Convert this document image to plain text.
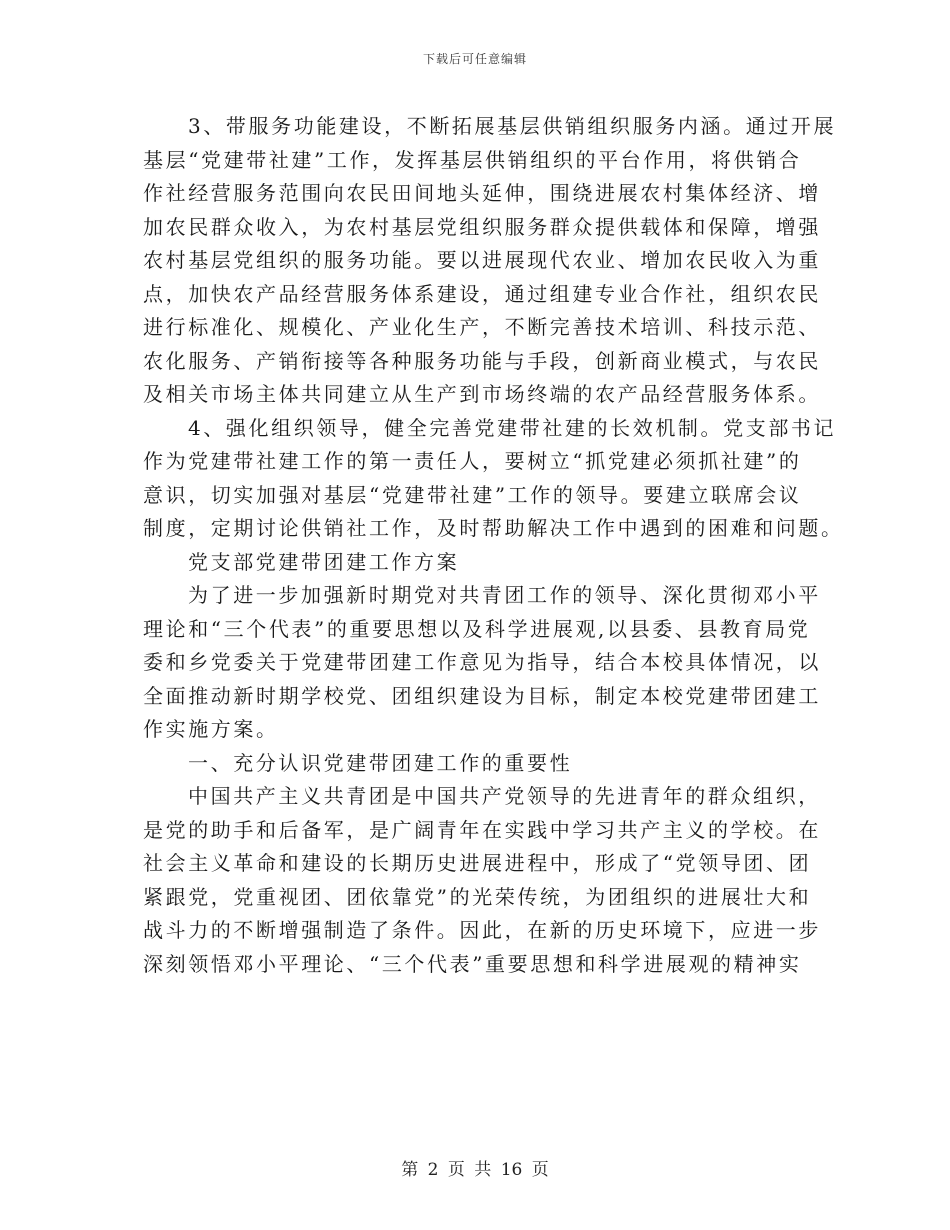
下载后可任意编辑
3、带服务功能建设，不断拓展基层供销组织服务内涵。通过开展
基层“党建带社建”工作，发挥基层供销组织的平台作用，将供销合
作社经营服务范围向农民田间地头延伸，围绕进展农村集体经济、增
加农民群众收入，为农村基层党组织服务群众提供载体和保障，增强
农村基层党组织的服务功能。要以进展现代农业、增加农民收入为重
点，加快农产品经营服务体系建设，通过组建专业合作社，组织农民
进行标准化、规模化、产业化生产，不断完善技术培训、科技示范、
农化服务、产销衔接等各种服务功能与手段，创新商业模式，与农民
及相关市场主体共同建立从生产到市场终端的农产品经营服务体系。
4、强化组织领导，健全完善党建带社建的长效机制。党支部书记
作为党建带社建工作的第一责任人，要树立“抓党建必须抓社建”的
意识，切实加强对基层“党建带社建”工作的领导。要建立联席会议
制度，定期讨论供销社工作，及时帮助解决工作中遇到的困难和问题。
党支部党建带团建工作方案
为了进一步加强新时期党对共青团工作的领导、深化贯彻邓小平
理论和“三个代表”的重要思想以及科学进展观,以县委、县教育局党
委和乡党委关于党建带团建工作意见为指导，结合本校具体情况，以
全面推动新时期学校党、团组织建设为目标，制定本校党建带团建工
作实施方案。
一、充分认识党建带团建工作的重要性
中国共产主义共青团是中国共产党领导的先进青年的群众组织，
是党的助手和后备军，是广阔青年在实践中学习共产主义的学校。在
社会主义革命和建设的长期历史进展进程中，形成了“党领导团、团
紧跟党，党重视团、团依靠党”的光荣传统，为团组织的进展壮大和
战斗力的不断增强制造了条件。因此，在新的历史环境下，应进一步
深刻领悟邓小平理论、“三个代表”重要思想和科学进展观的精神实
第 2 页 共 16 页
